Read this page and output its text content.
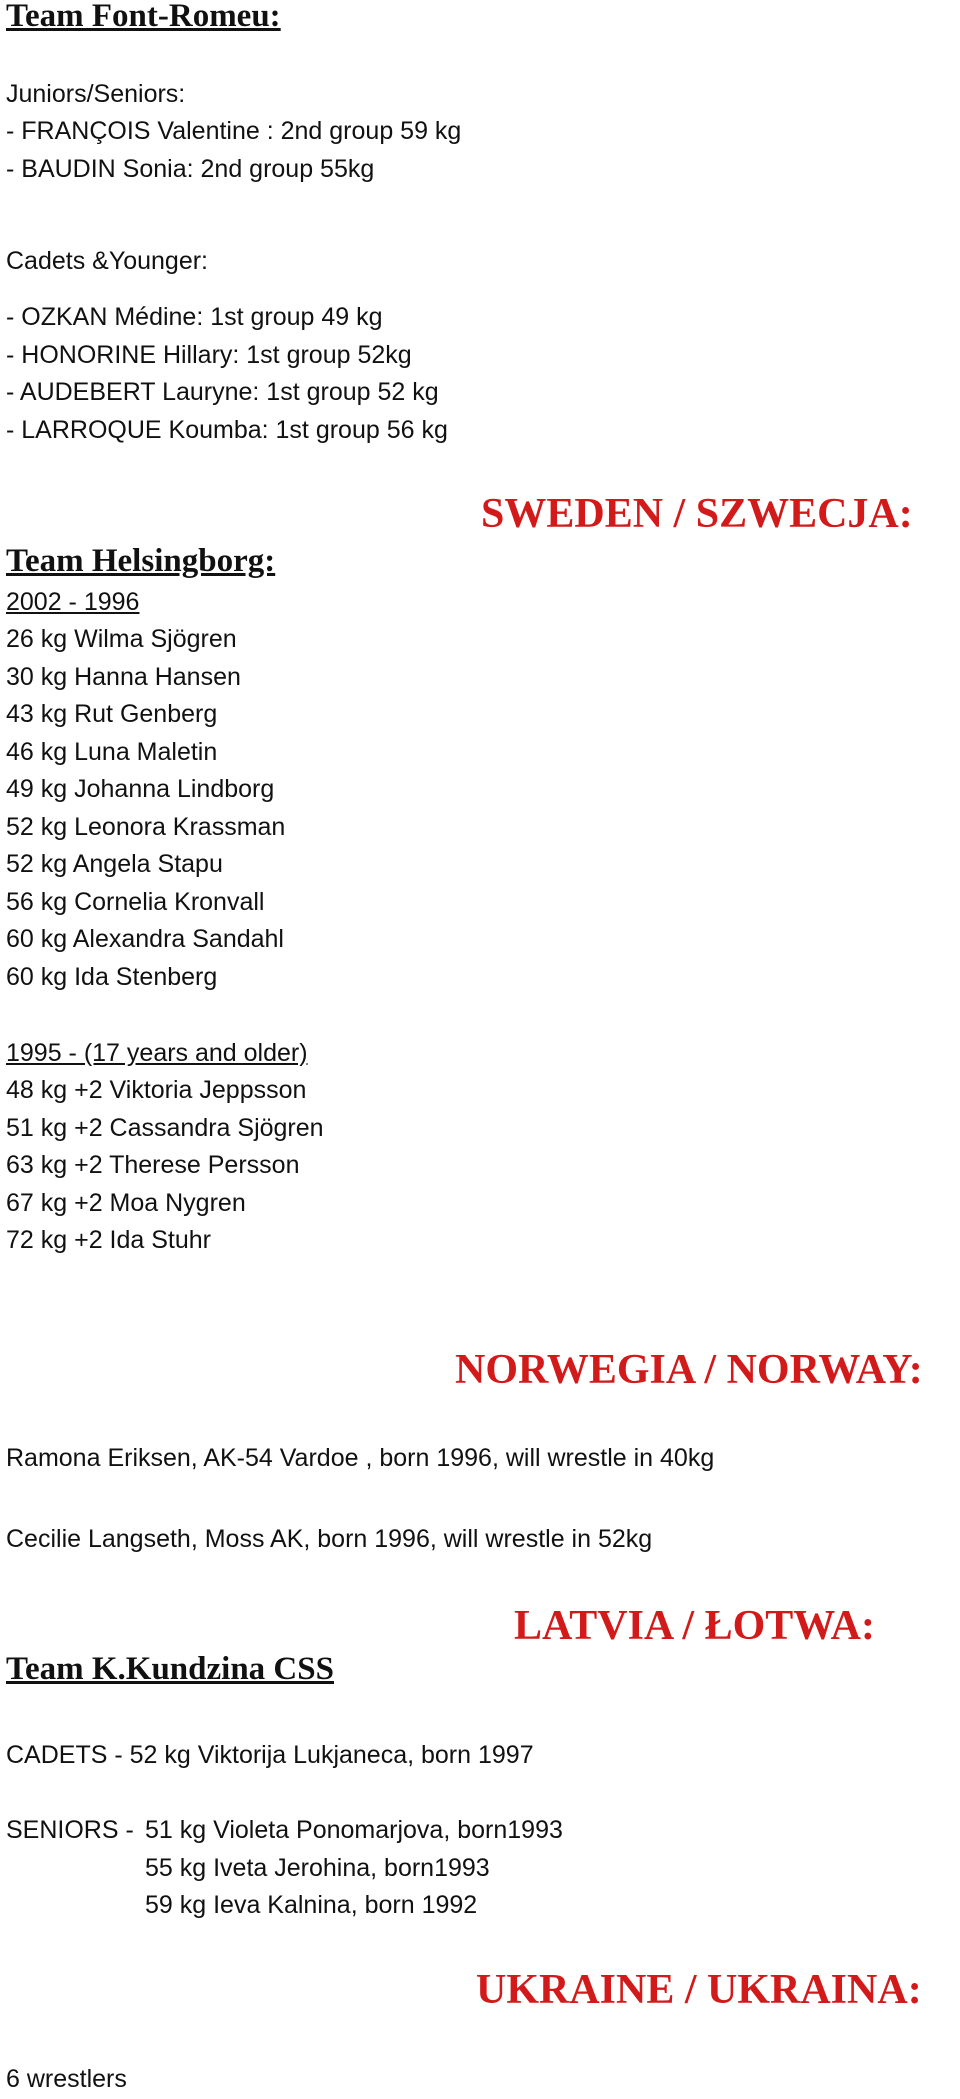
Team Font-Romeu:
Juniors/Seniors:
- FRANÇOIS Valentine : 2nd group 59 kg
- BAUDIN Sonia: 2nd group 55kg
Cadets &Younger:
- OZKAN Médine: 1st group 49 kg
- HONORINE Hillary: 1st group 52kg
- AUDEBERT Lauryne: 1st group 52 kg
- LARROQUE Koumba: 1st group 56 kg
SWEDEN / SZWECJA:
Team Helsingborg:
2002 - 1996
26 kg Wilma Sjögren
30 kg Hanna Hansen
43 kg Rut Genberg
46 kg Luna Maletin
49 kg Johanna Lindborg
52 kg Leonora Krassman
52 kg Angela Stapu
56 kg Cornelia Kronvall
60 kg Alexandra Sandahl
60 kg Ida Stenberg
1995 - (17 years and older)
48 kg +2 Viktoria Jeppsson
51 kg +2 Cassandra Sjögren
63 kg +2 Therese Persson
67 kg +2 Moa Nygren
72 kg +2 Ida Stuhr
NORWEGIA / NORWAY:
Ramona Eriksen, AK-54 Vardoe , born 1996, will wrestle in 40kg
Cecilie Langseth, Moss AK, born 1996, will wrestle in 52kg
LATVIA / ŁOTWA:
Team K.Kundzina CSS
CADETS - 52 kg Viktorija Lukjaneca, born 1997
SENIORS - 51 kg Violeta Ponomarjova, born1993
55 kg Iveta Jerohina, born1993
59 kg Ieva Kalnina, born 1992
UKRAINE / UKRAINA:
6 wrestlers
